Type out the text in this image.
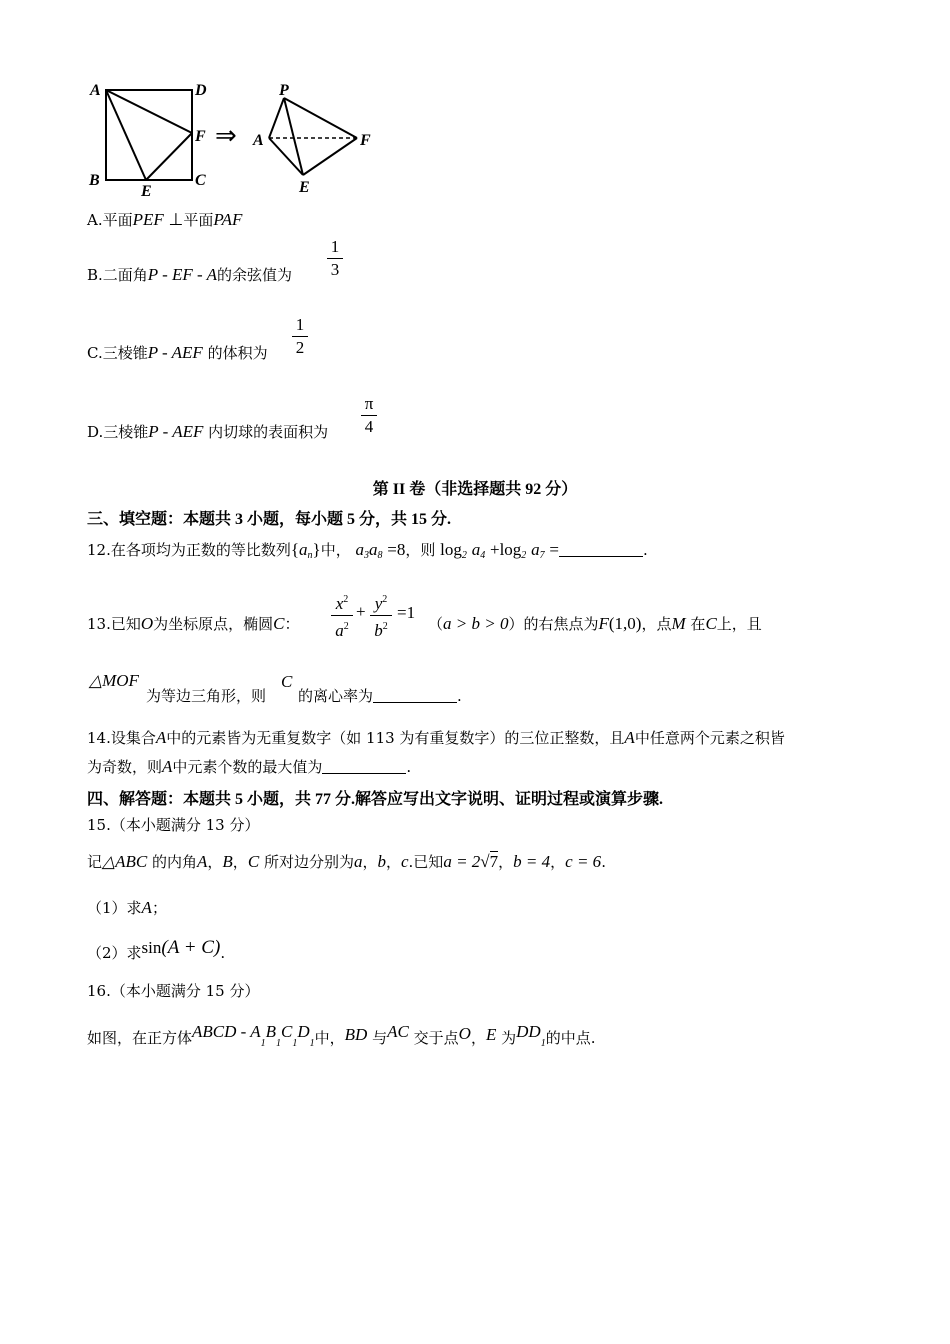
A	D
B	C
E
F ⇒
P
A	F
E
A.平面PEF ⊥平面PAF
B.二面角P - EF - A的余弦值为
1
3
C.三棱锥P - AEF 的体积为
1
2
D.三棱锥P - AEF 内切球的表面积为
π
4
第 II 卷（非选择题共 92 分）
三、填空题：本题共 3 小题，每小题 5 分，共 15 分.
12.在各项均为正数的等比数列$\{a_n\}$中， $a_3a_8 =8$，则 $\log_2 a_4 +\log_2$ $a_7$ =	.
13.已知O为坐标原点，椭圆C：
$x^2$
$a^2$
+ $y^2$
$b^2$
=1
（a > b > 0）的右焦点为F(1,0)，点M 在C上，且
△MOF
为等边三角形，则
C
的离心率为	.
14.设集合A中的元素皆为无重复数字（如 113 为有重复数字）的三位正整数，且A中任意两个元素之积皆
为奇数，则A中元素个数的最大值为	.
四、解答题：本题共 5 小题，共 77 分.解答应写出文字说明、证明过程或演算步骤.
15.（本小题满分 13 分）
记△ABC 的内角A，B，C 所对边分别为a，b，c.已知a = 2√7，b = 4，c = 6.
（1）求A；
（2）求sin(A + C).
16.（本小题满分 15 分）
如图，在正方体ABCD - $A_1B_1C_1D_1$中，BD 与AC 交于点O，E 为$DD_1$的中点.
